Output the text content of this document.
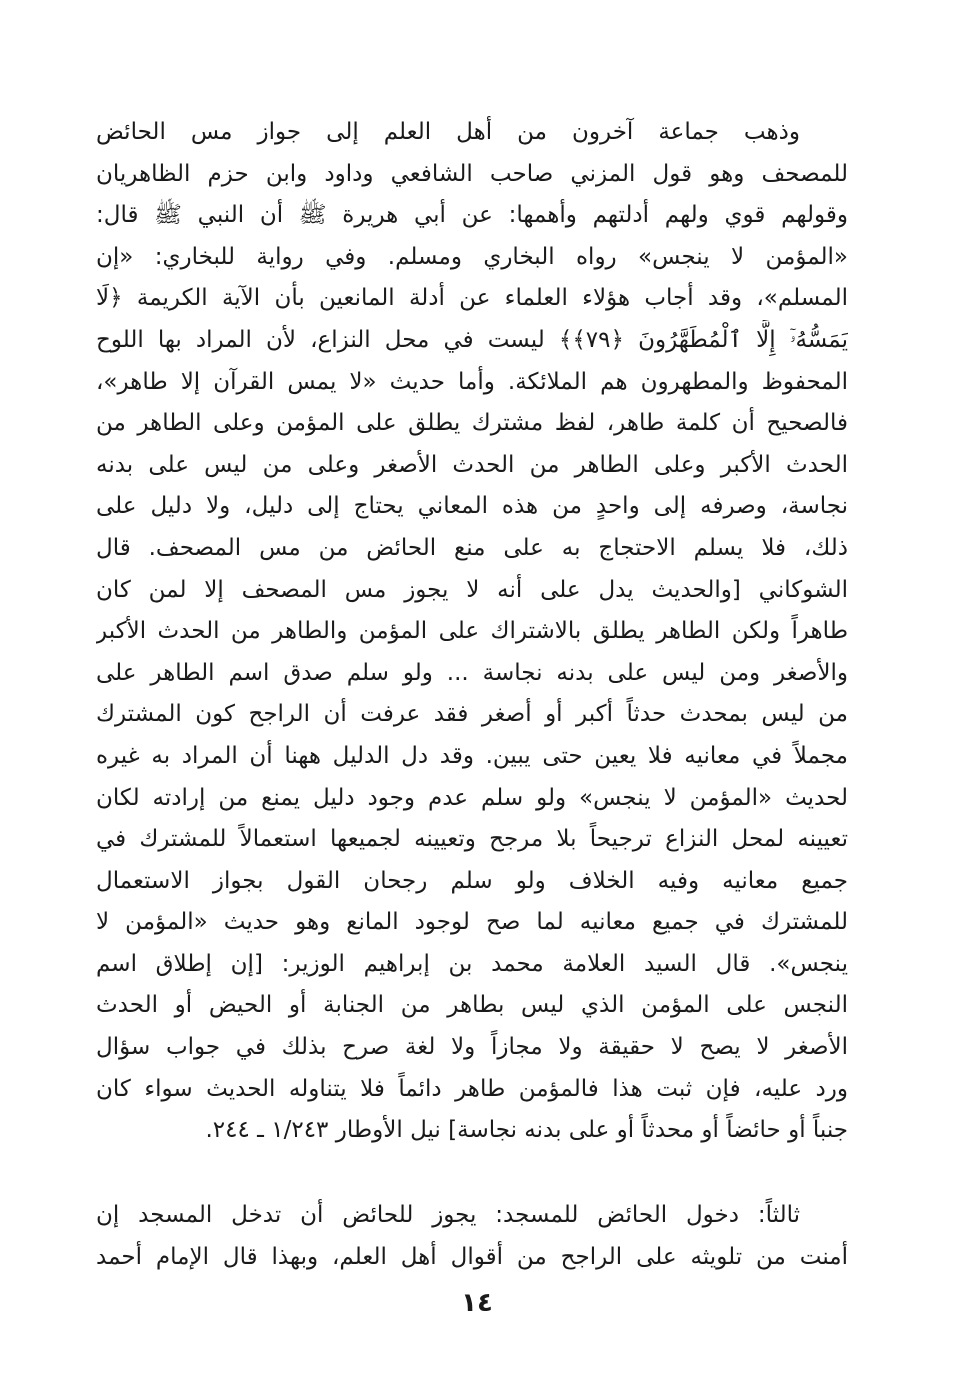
وذهب جماعة آخرون من أهل العلم إلى جواز مس الحائض
للمصحف وهو قول المزني صاحب الشافعي وداود وابن حزم الظاهريان
وقولهم قوي ولهم أدلتهم وأهمها: عن أبي هريرة ﷺ أن النبي ﷺ قال:
«المؤمن لا ينجس» رواه البخاري ومسلم. وفي رواية للبخاري: «إن
المسلم»، وقد أجاب هؤلاء العلماء عن أدلة المانعين بأن الآية الكريمة ﴿لَا
يَمَسُّهُۥٓ إِلَّا ٱلْمُطَهَّرُونَ ﴿٧٩﴾﴾ ليست في محل النزاع، لأن المراد بها اللوح
المحفوظ والمطهرون هم الملائكة. وأما حديث «لا يمس القرآن إلا طاهر»،
فالصحيح أن كلمة طاهر، لفظ مشترك يطلق على المؤمن وعلى الطاهر من
الحدث الأكبر وعلى الطاهر من الحدث الأصغر وعلى من ليس على بدنه
نجاسة، وصرفه إلى واحدٍ من هذه المعاني يحتاج إلى دليل، ولا دليل على
ذلك، فلا يسلم الاحتجاج به على منع الحائض من مس المصحف. قال
الشوكاني [والحديث يدل على أنه لا يجوز مس المصحف إلا لمن كان
طاهراً ولكن الطاهر يطلق بالاشتراك على المؤمن والطاهر من الحدث الأكبر
والأصغر ومن ليس على بدنه نجاسة ... ولو سلم صدق اسم الطاهر على
من ليس بمحدث حدثاً أكبر أو أصغر فقد عرفت أن الراجح كون المشترك
مجملاً في معانيه فلا يعين حتى يبين. وقد دل الدليل ههنا أن المراد به غيره
لحديث «المؤمن لا ينجس» ولو سلم عدم وجود دليل يمنع من إرادته لكان
تعيينه لمحل النزاع ترجيحاً بلا مرجح وتعيينه لجميعها استعمالاً للمشترك في
جميع معانيه وفيه الخلاف ولو سلم رجحان القول بجواز الاستعمال
للمشترك في جميع معانيه لما صح لوجود المانع وهو حديث «المؤمن لا
ينجس». قال السيد العلامة محمد بن إبراهيم الوزير: [إن إطلاق اسم
النجس على المؤمن الذي ليس بطاهر من الجنابة أو الحيض أو الحدث
الأصغر لا يصح لا حقيقة ولا مجازاً ولا لغة صرح بذلك في جواب سؤال
ورد عليه، فإن ثبت هذا فالمؤمن طاهر دائماً فلا يتناوله الحديث سواء كان
جنباً أو حائضاً أو محدثاً أو على بدنه نجاسة] نيل الأوطار ١/٢٤٣ ـ ٢٤٤.
ثالثاً: دخول الحائض للمسجد: يجوز للحائض أن تدخل المسجد إن
أمنت من تلويثه على الراجح من أقوال أهل العلم، وبهذا قال الإمام أحمد
١٤
